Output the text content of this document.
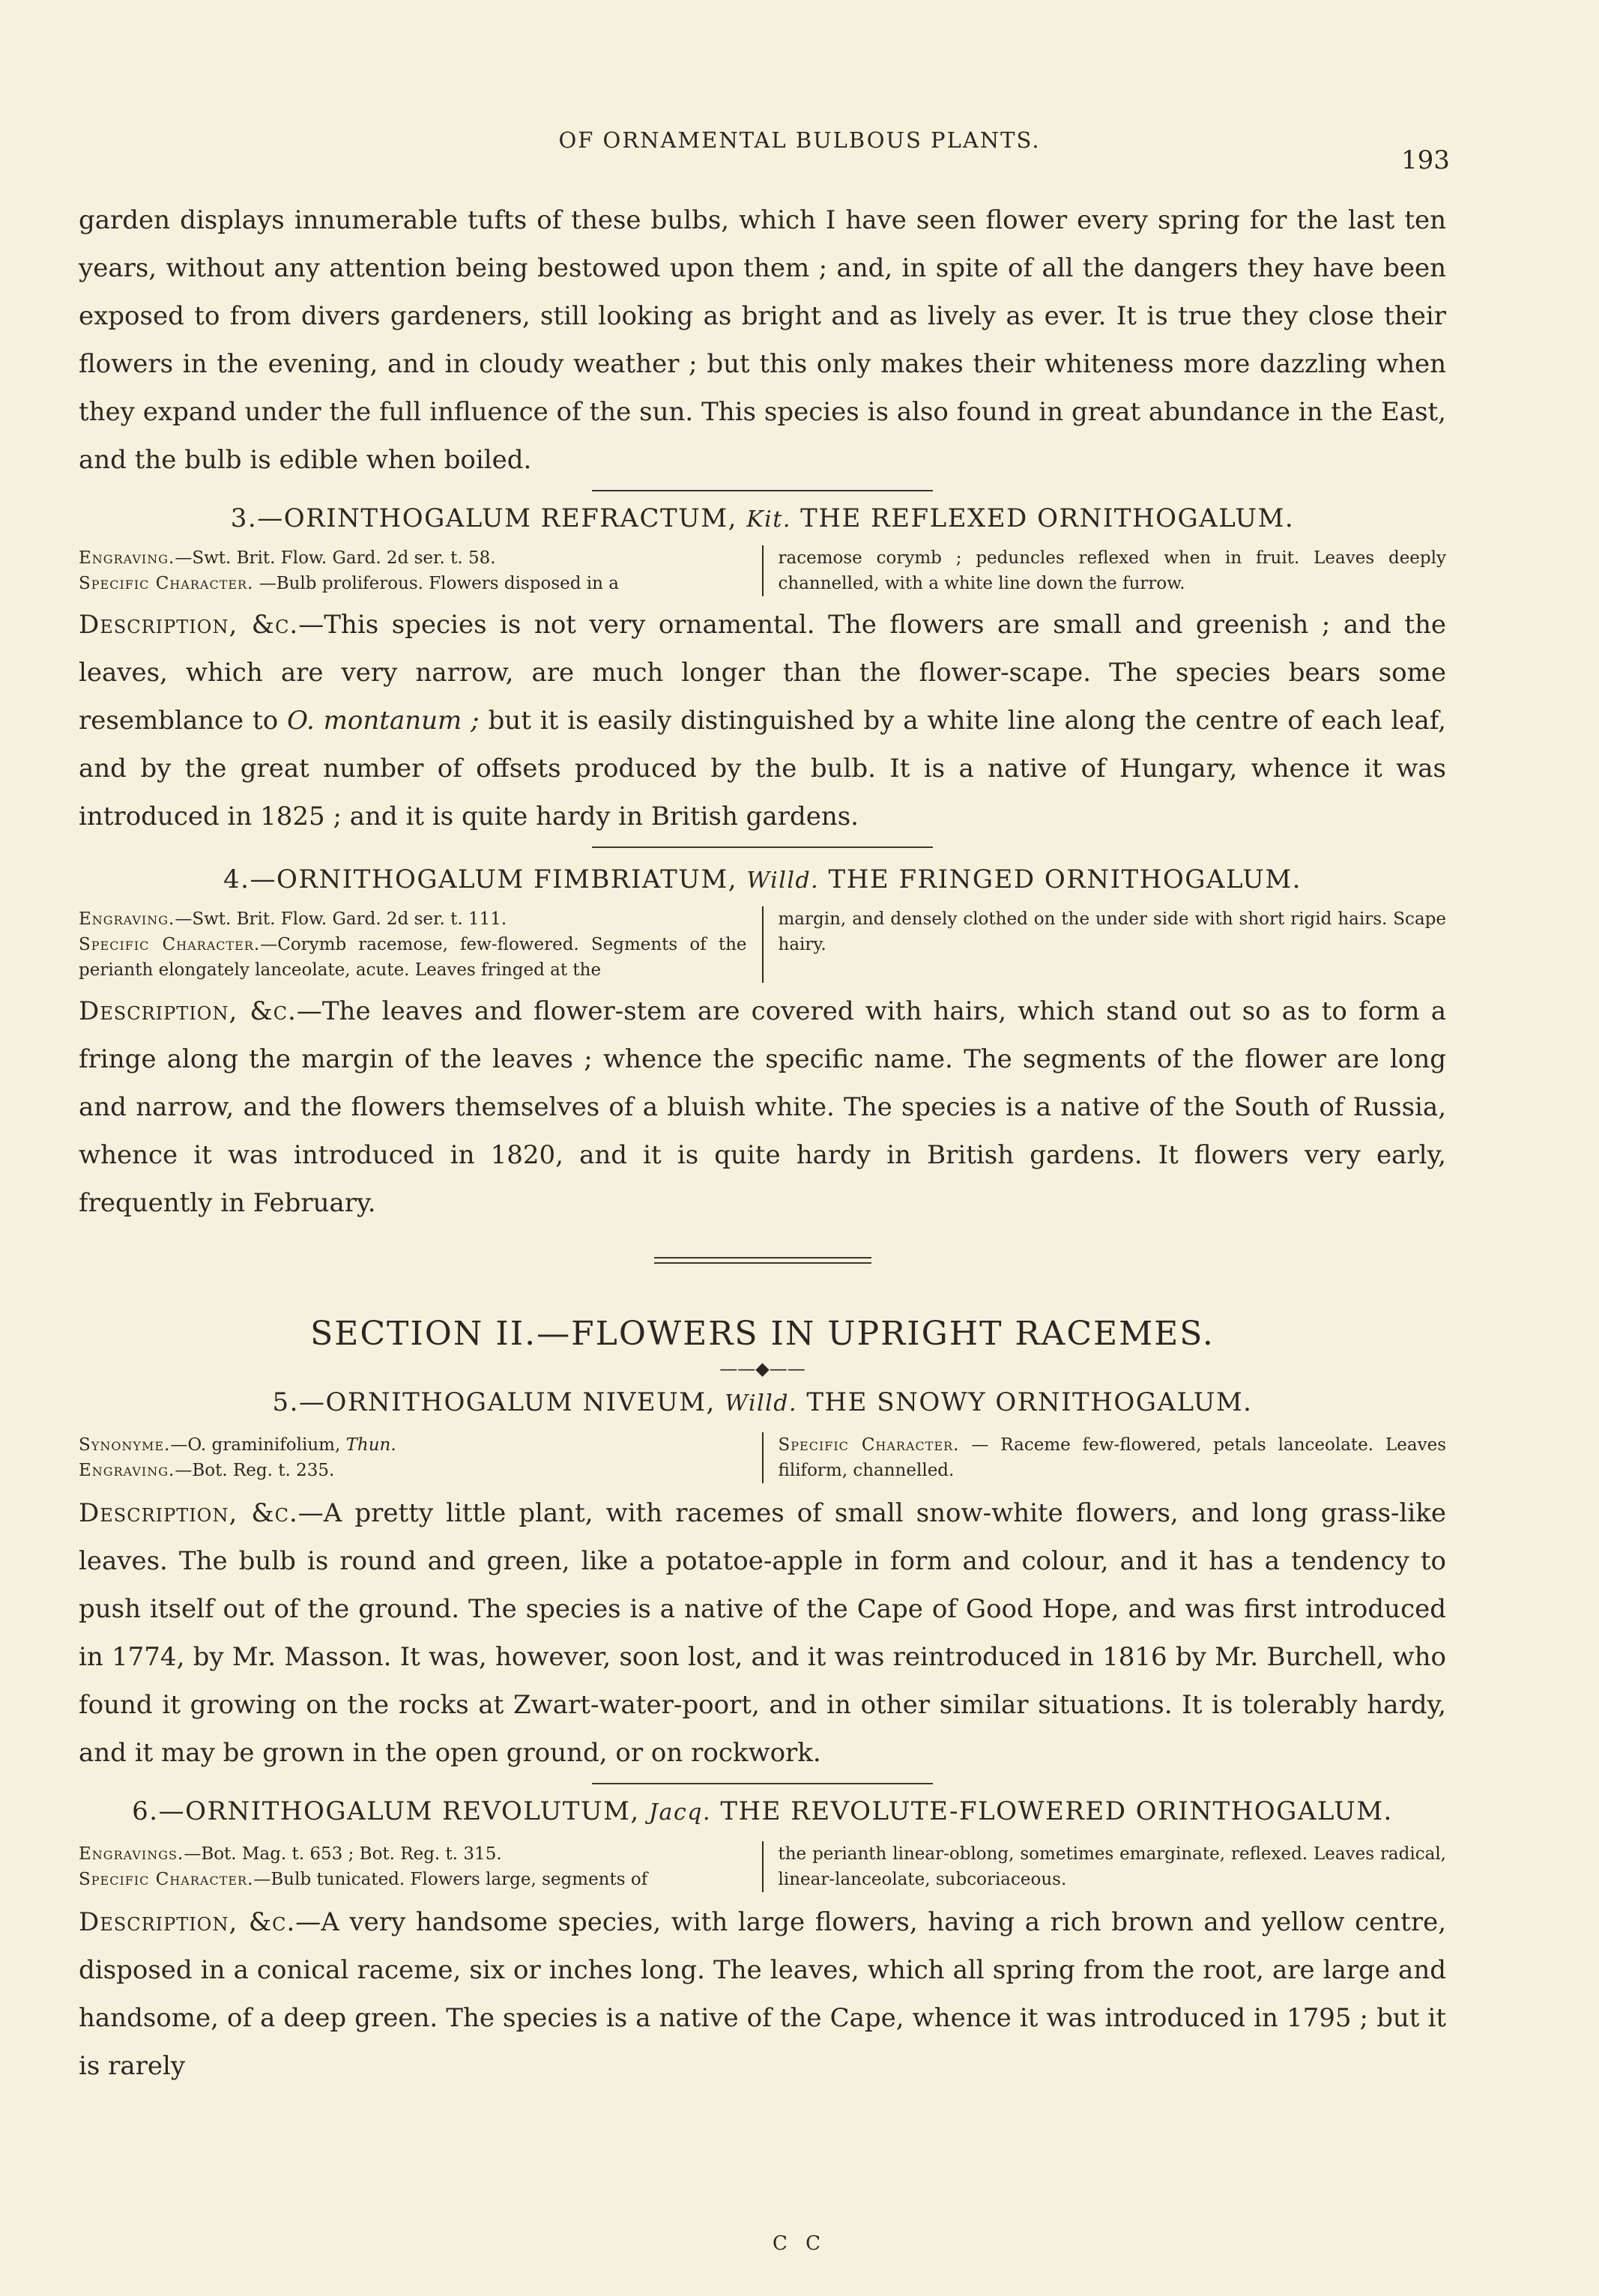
OF ORNAMENTAL BULBOUS PLANTS.
193

garden displays innumerable tufts of these bulbs, which I have seen flower every spring for the last ten years, without any attention being bestowed upon them ; and, in spite of all the dangers they have been exposed to from divers gardeners, still looking as bright and as lively as ever. It is true they close their flowers in the evening, and in cloudy weather ; but this only makes their whiteness more dazzling when they expand under the full influence of the sun. This species is also found in great abundance in the East, and the bulb is edible when boiled.

3.—ORINTHOGALUM REFRACTUM, Kit. THE REFLEXED ORNITHOGALUM.

Engraving.—Swt. Brit. Flow. Gard. 2d ser. t. 58.
Specific Character. —Bulb proliferous. Flowers disposed in a
racemose corymb ; peduncles reflexed when in fruit. Leaves deeply channelled, with a white line down the furrow.

Description, &c.—This species is not very ornamental. The flowers are small and greenish ; and the leaves, which are very narrow, are much longer than the flower-scape. The species bears some resemblance to O. montanum ; but it is easily distinguished by a white line along the centre of each leaf, and by the great number of offsets produced by the bulb. It is a native of Hungary, whence it was introduced in 1825 ; and it is quite hardy in British gardens.

4.—ORNITHOGALUM FIMBRIATUM, Willd. THE FRINGED ORNITHOGALUM.

Engraving.—Swt. Brit. Flow. Gard. 2d ser. t. 111.
Specific Character.—Corymb racemose, few-flowered. Segments of the perianth elongately lanceolate, acute. Leaves fringed at the
margin, and densely clothed on the under side with short rigid hairs. Scape hairy.

Description, &c.—The leaves and flower-stem are covered with hairs, which stand out so as to form a fringe along the margin of the leaves ; whence the specific name. The segments of the flower are long and narrow, and the flowers themselves of a bluish white. The species is a native of the South of Russia, whence it was introduced in 1820, and it is quite hardy in British gardens. It flowers very early, frequently in February.

SECTION II.—FLOWERS IN UPRIGHT RACEMES.

——◆——

5.—ORNITHOGALUM NIVEUM, Willd. THE SNOWY ORNITHOGALUM.

Synonyme.—O. graminifolium, Thun.
Engraving.—Bot. Reg. t. 235.
Specific Character. — Raceme few-flowered, petals lanceolate. Leaves filiform, channelled.

Description, &c.—A pretty little plant, with racemes of small snow-white flowers, and long grass-like leaves. The bulb is round and green, like a potatoe-apple in form and colour, and it has a tendency to push itself out of the ground. The species is a native of the Cape of Good Hope, and was first introduced in 1774, by Mr. Masson. It was, however, soon lost, and it was reintroduced in 1816 by Mr. Burchell, who found it growing on the rocks at Zwart-water-poort, and in other similar situations. It is tolerably hardy, and it may be grown in the open ground, or on rockwork.

6.—ORNITHOGALUM REVOLUTUM, Jacq. THE REVOLUTE-FLOWERED ORINTHOGALUM.

Engravings.—Bot. Mag. t. 653 ; Bot. Reg. t. 315.
Specific Character.—Bulb tunicated. Flowers large, segments of
the perianth linear-oblong, sometimes emarginate, reflexed. Leaves radical, linear-lanceolate, subcoriaceous.

Description, &c.—A very handsome species, with large flowers, having a rich brown and yellow centre, disposed in a conical raceme, six or inches long. The leaves, which all spring from the root, are large and handsome, of a deep green. The species is a native of the Cape, whence it was introduced in 1795 ; but it is rarely

C C
